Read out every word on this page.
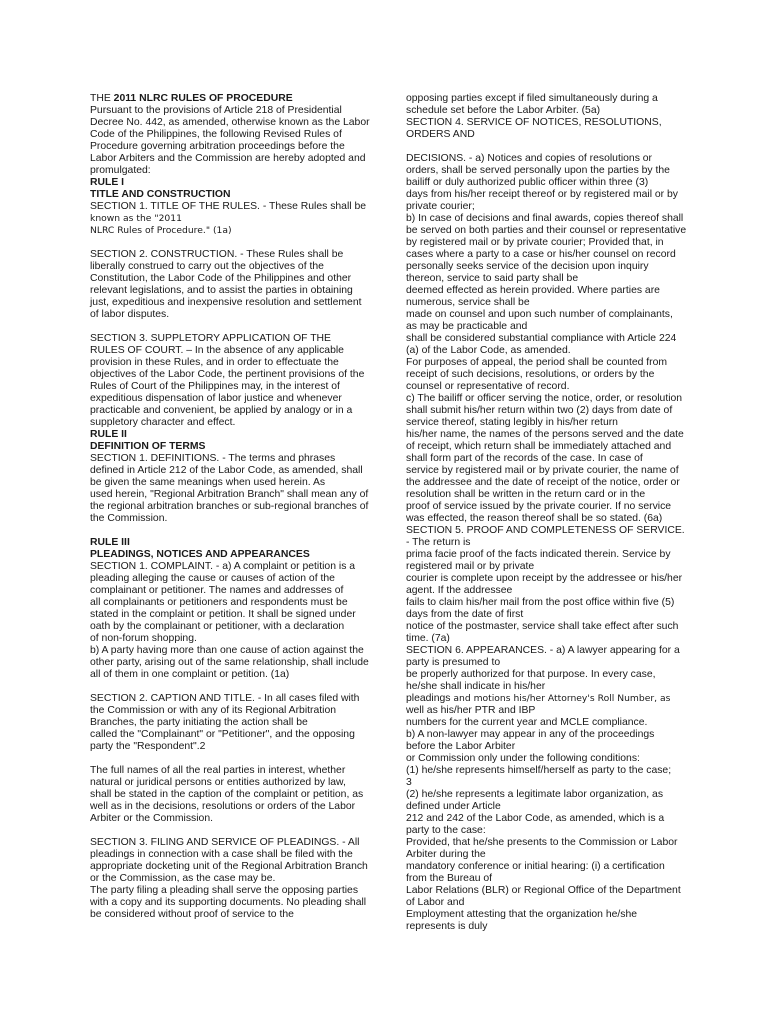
THE 2011 NLRC RULES OF PROCEDURE
Pursuant to the provisions of Article 218 of Presidential
Decree No. 442, as amended, otherwise known as the Labor
Code of the Philippines, the following Revised Rules of
Procedure governing arbitration proceedings before the
Labor Arbiters and the Commission are hereby adopted and
promulgated:
RULE I
TITLE AND CONSTRUCTION
SECTION 1. TITLE OF THE RULES. - These Rules shall be
known as the "2011
NLRC Rules of Procedure." (1a)
SECTION 2. CONSTRUCTION. - These Rules shall be
liberally construed to carry out the objectives of the
Constitution, the Labor Code of the Philippines and other
relevant legislations, and to assist the parties in obtaining
just, expeditious and inexpensive resolution and settlement
of labor disputes.
SECTION 3. SUPPLETORY APPLICATION OF THE
RULES OF COURT. – In the absence of any applicable
provision in these Rules, and in order to effectuate the
objectives of the Labor Code, the pertinent provisions of the
Rules of Court of the Philippines may, in the interest of
expeditious dispensation of labor justice and whenever
practicable and convenient, be applied by analogy or in a
suppletory character and effect.
RULE II
DEFINITION OF TERMS
SECTION 1. DEFINITIONS. - The terms and phrases
defined in Article 212 of the Labor Code, as amended, shall
be given the same meanings when used herein. As
used herein, "Regional Arbitration Branch" shall mean any of
the regional arbitration branches or sub-regional branches of
the Commission.
RULE III
PLEADINGS, NOTICES AND APPEARANCES
SECTION 1. COMPLAINT. - a) A complaint or petition is a
pleading alleging the cause or causes of action of the
complainant or petitioner. The names and addresses of
all complainants or petitioners and respondents must be
stated in the complaint or petition. It shall be signed under
oath by the complainant or petitioner, with a declaration
of non-forum shopping.
b) A party having more than one cause of action against the
other party, arising out of the same relationship, shall include
all of them in one complaint or petition. (1a)
SECTION 2. CAPTION AND TITLE. - In all cases filed with
the Commission or with any of its Regional Arbitration
Branches, the party initiating the action shall be
called the "Complainant" or "Petitioner", and the opposing
party the "Respondent".2
The full names of all the real parties in interest, whether
natural or juridical persons or entities authorized by law,
shall be stated in the caption of the complaint or petition, as
well as in the decisions, resolutions or orders of the Labor
Arbiter or the Commission.
SECTION 3. FILING AND SERVICE OF PLEADINGS. - All
pleadings in connection with a case shall be filed with the
appropriate docketing unit of the Regional Arbitration Branch
or the Commission, as the case may be.
The party filing a pleading shall serve the opposing parties
with a copy and its supporting documents. No pleading shall
be considered without proof of service to the
opposing parties except if filed simultaneously during a
schedule set before the Labor Arbiter. (5a)
SECTION 4. SERVICE OF NOTICES, RESOLUTIONS,
ORDERS AND
DECISIONS. - a) Notices and copies of resolutions or
orders, shall be served personally upon the parties by the
bailiff or duly authorized public officer within three (3)
days from his/her receipt thereof or by registered mail or by
private courier;
b) In case of decisions and final awards, copies thereof shall
be served on both parties and their counsel or representative
by registered mail or by private courier; Provided that, in
cases where a party to a case or his/her counsel on record
personally seeks service of the decision upon inquiry
thereon, service to said party shall be
deemed effected as herein provided. Where parties are
numerous, service shall be
made on counsel and upon such number of complainants,
as may be practicable and
shall be considered substantial compliance with Article 224
(a) of the Labor Code, as amended.
For purposes of appeal, the period shall be counted from
receipt of such decisions, resolutions, or orders by the
counsel or representative of record.
c) The bailiff or officer serving the notice, order, or resolution
shall submit his/her return within two (2) days from date of
service thereof, stating legibly in his/her return
his/her name, the names of the persons served and the date
of receipt, which return shall be immediately attached and
shall form part of the records of the case. In case of
service by registered mail or by private courier, the name of
the addressee and the date of receipt of the notice, order or
resolution shall be written in the return card or in the
proof of service issued by the private courier. If no service
was effected, the reason thereof shall be so stated. (6a)
SECTION 5. PROOF AND COMPLETENESS OF SERVICE.
- The return is
prima facie proof of the facts indicated therein. Service by
registered mail or by private
courier is complete upon receipt by the addressee or his/her
agent. If the addressee
fails to claim his/her mail from the post office within five (5)
days from the date of first
notice of the postmaster, service shall take effect after such
time. (7a)
SECTION 6. APPEARANCES. - a) A lawyer appearing for a
party is presumed to
be properly authorized for that purpose. In every case,
he/she shall indicate in his/her
pleadings and motions his/her Attorney's Roll Number, as
well as his/her PTR and IBP
numbers for the current year and MCLE compliance.
b) A non-lawyer may appear in any of the proceedings
before the Labor Arbiter
or Commission only under the following conditions:
(1) he/she represents himself/herself as party to the case;
3
(2) he/she represents a legitimate labor organization, as
defined under Article
212 and 242 of the Labor Code, as amended, which is a
party to the case:
Provided, that he/she presents to the Commission or Labor
Arbiter during the
mandatory conference or initial hearing: (i) a certification
from the Bureau of
Labor Relations (BLR) or Regional Office of the Department
of Labor and
Employment attesting that the organization he/she
represents is duly
